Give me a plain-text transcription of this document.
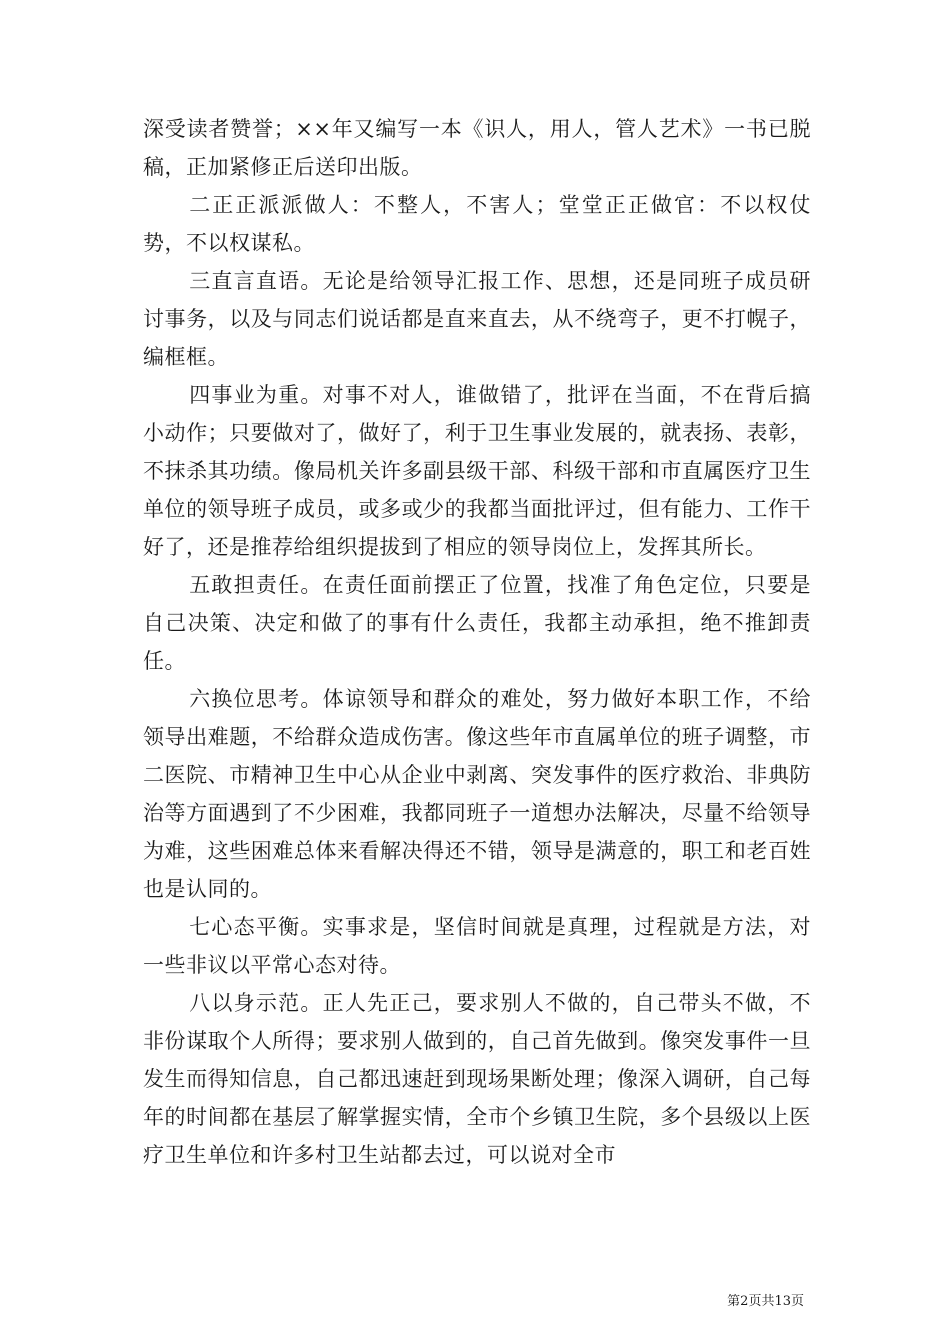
深受读者赞誉；××年又编写一本《识人，用人，管人艺术》一书已脱稿，正加紧修正后送印出版。

二正正派派做人：不整人，不害人；堂堂正正做官：不以权仗势，不以权谋私。

三直言直语。无论是给领导汇报工作、思想，还是同班子成员研讨事务，以及与同志们说话都是直来直去，从不绕弯子，更不打幌子，编框框。

四事业为重。对事不对人，谁做错了，批评在当面，不在背后搞小动作；只要做对了，做好了，利于卫生事业发展的，就表扬、表彰，不抹杀其功绩。像局机关许多副县级干部、科级干部和市直属医疗卫生单位的领导班子成员，或多或少的我都当面批评过，但有能力、工作干好了，还是推荐给组织提拔到了相应的领导岗位上，发挥其所长。

五敢担责任。在责任面前摆正了位置，找准了角色定位，只要是自己决策、决定和做了的事有什么责任，我都主动承担，绝不推卸责任。

六换位思考。体谅领导和群众的难处，努力做好本职工作，不给领导出难题，不给群众造成伤害。像这些年市直属单位的班子调整，市二医院、市精神卫生中心从企业中剥离、突发事件的医疗救治、非典防治等方面遇到了不少困难，我都同班子一道想办法解决，尽量不给领导为难，这些困难总体来看解决得还不错，领导是满意的，职工和老百姓也是认同的。

七心态平衡。实事求是，坚信时间就是真理，过程就是方法，对一些非议以平常心态对待。

八以身示范。正人先正己，要求别人不做的，自己带头不做，不非份谋取个人所得；要求别人做到的，自己首先做到。像突发事件一旦发生而得知信息，自己都迅速赶到现场果断处理；像深入调研，自己每年的时间都在基层了解掌握实情，全市个乡镇卫生院，多个县级以上医疗卫生单位和许多村卫生站都去过，可以说对全市

第2页共13页
